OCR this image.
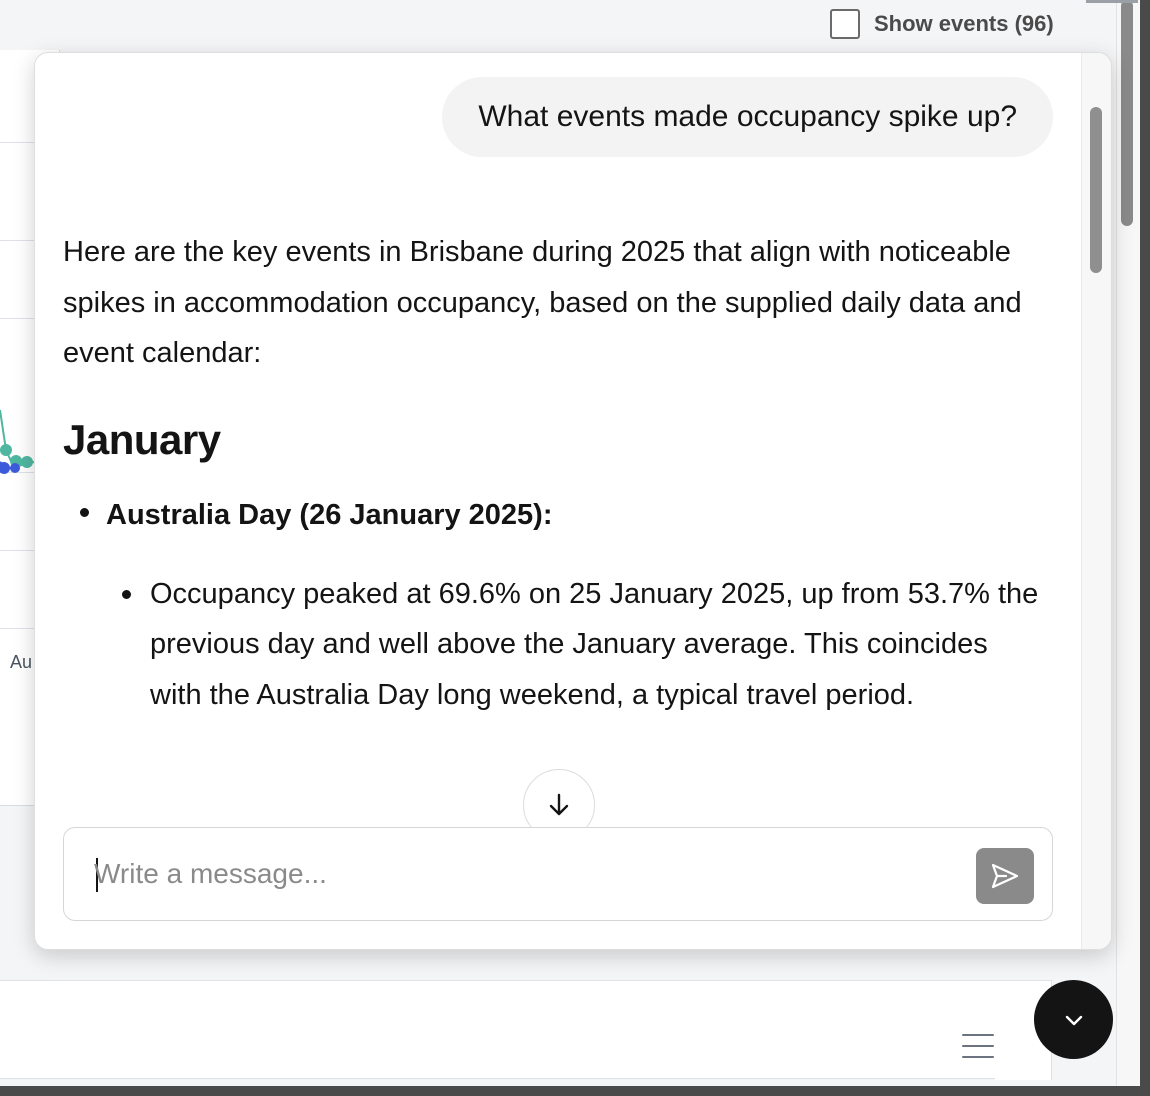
Au
Show events (96)
What events made occupancy spike up?

Here are the key events in Brisbane during 2025 that align with noticeable spikes in accommodation occupancy, based on the supplied daily data and event calendar:

January
Australia Day (26 January 2025):
Occupancy peaked at 69.6% on 25 January 2025, up from 53.7% the previous day and well above the January average. This coincides with the Australia Day long weekend, a typical travel period.
Write a message...
